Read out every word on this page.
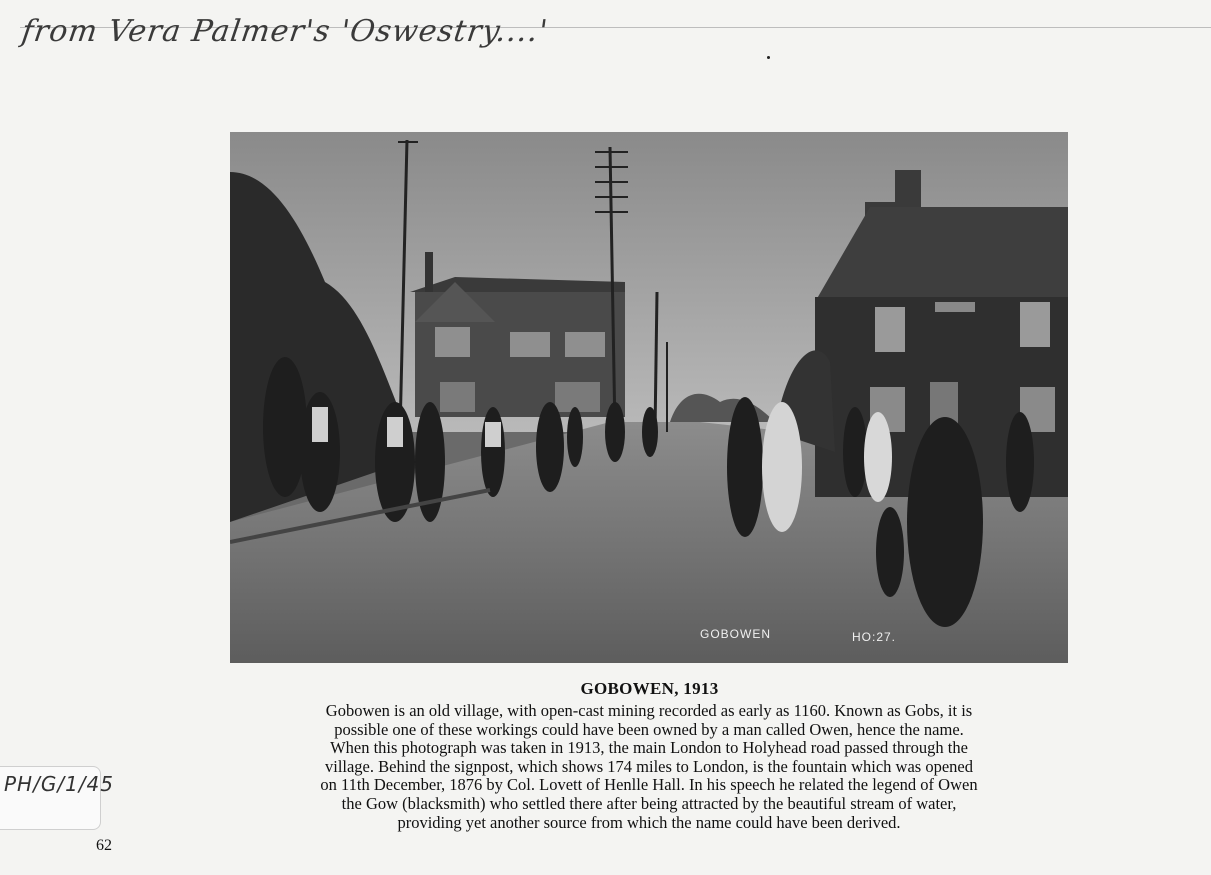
from Vera Palmer's 'Oswestry....'
GOBOWEN	HO:27.
GOBOWEN, 1913
Gobowen is an old village, with open-cast mining recorded as early as 1160. Known as Gobs, it is
possible one of these workings could have been owned by a man called Owen, hence the name.
When this photograph was taken in 1913, the main London to Holyhead road passed through the
village. Behind the signpost, which shows 174 miles to London, is the fountain which was opened
on 11th December, 1876 by Col. Lovett of Henlle Hall. In his speech he related the legend of Owen
the Gow (blacksmith) who settled there after being attracted by the beautiful stream of water,
providing yet another source from which the name could have been derived.
PH/G/1/45
62
